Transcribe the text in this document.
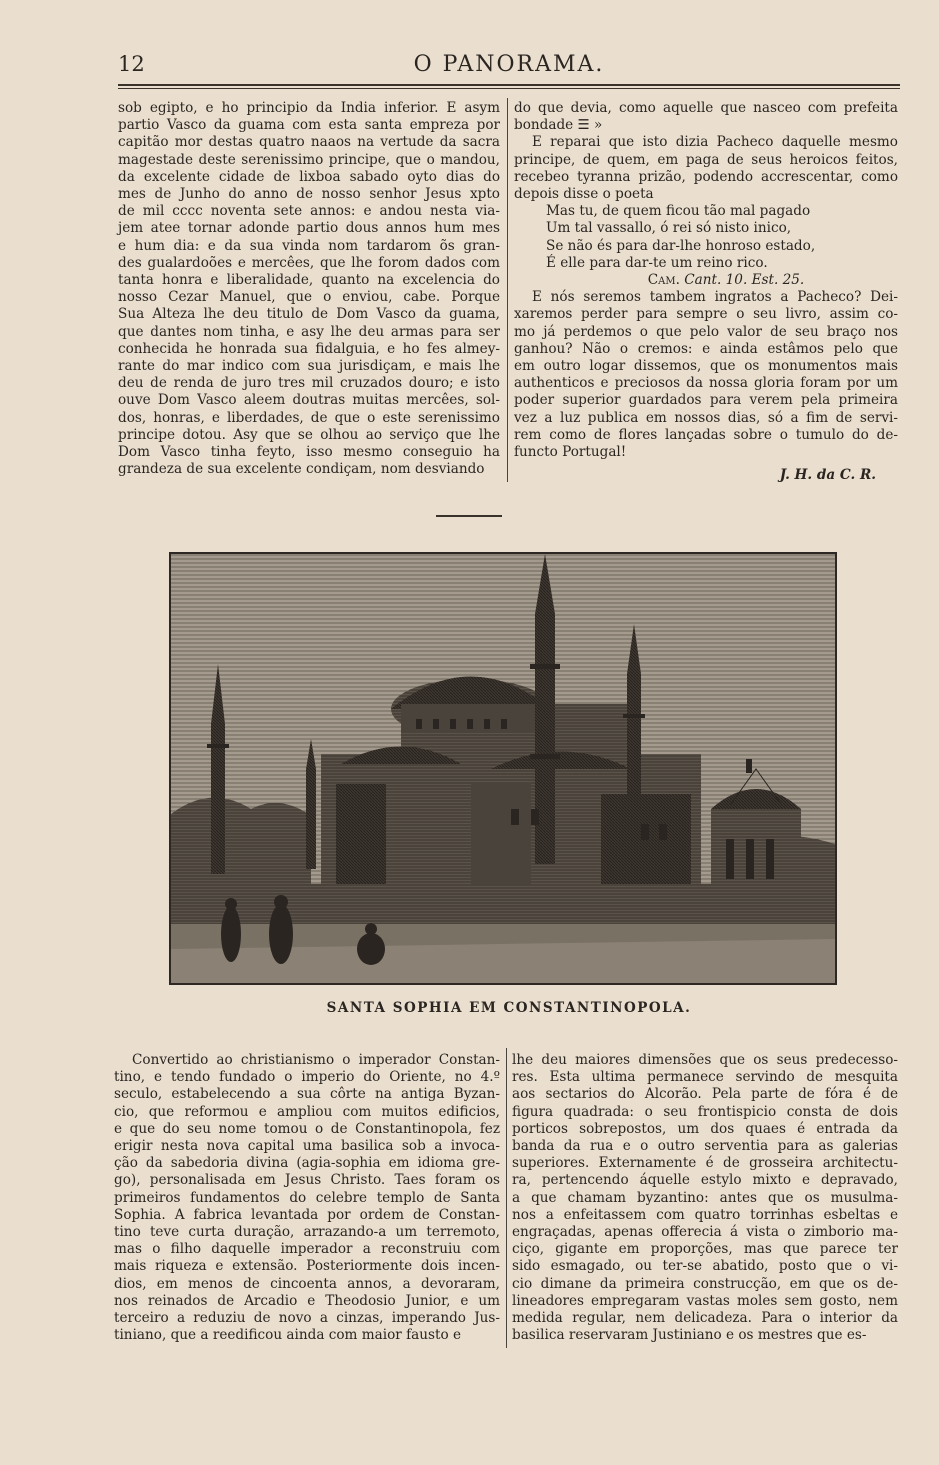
12	O PANORAMA.
sob egipto, e ho principio da India inferior. E asym
partio Vasco da guama com esta santa empreza por
capitão mor destas quatro naaos na vertude da sacra
magestade deste serenissimo principe, que o mandou,
da excelente cidade de lixboa sabado oyto dias do
mes de Junho do anno de nosso senhor Jesus xpto
de mil cccc noventa sete annos: e andou nesta via-
jem atee tornar adonde partio dous annos hum mes
e hum dia: e da sua vinda nom tardarom õs gran-
des gualardoões e mercêes, que lhe forom dados com
tanta honra e liberalidade, quanto na excelencia do
nosso Cezar Manuel, que o enviou, cabe. Porque
Sua Alteza lhe deu titulo de Dom Vasco da guama,
que dantes nom tinha, e asy lhe deu armas para ser
conhecida he honrada sua fidalguia, e ho fes almey-
rante do mar indico com sua jurisdiçam, e mais lhe
deu de renda de juro tres mil cruzados douro; e isto
ouve Dom Vasco aleem doutras muitas mercêes, sol-
dos, honras, e liberdades, de que o este serenissimo
principe dotou. Asy que se olhou ao serviço que lhe
Dom Vasco tinha feyto, isso mesmo conseguio ha
grandeza de sua excelente condiçam, nom desviando
do que devia, como aquelle que nasceo com prefeita
bondade ☰ »
E reparai que isto dizia Pacheco daquelle mesmo
principe, de quem, em paga de seus heroicos feitos,
recebeo tyranna prizão, podendo accrescentar, como
depois disse o poeta
Mas tu, de quem ficou tão mal pagado
Um tal vassallo, ó rei só nisto inico,
Se não és para dar-lhe honroso estado,
É elle para dar-te um reino rico.
Cam. Cant. 10. Est. 25.
E nós seremos tambem ingratos a Pacheco? Dei-
xaremos perder para sempre o seu livro, assim co-
mo já perdemos o que pelo valor de seu braço nos
ganhou? Não o cremos: e ainda estâmos pelo que
em outro logar dissemos, que os monumentos mais
authenticos e preciosos da nossa gloria foram por um
poder superior guardados para verem pela primeira
vez a luz publica em nossos dias, só a fim de servi-
rem como de flores lançadas sobre o tumulo do de-
functo Portugal!
J. H. da C. R.
SANTA SOPHIA EM CONSTANTINOPOLA.
Convertido ao christianismo o imperador Constan-
tino, e tendo fundado o imperio do Oriente, no 4.º
seculo, estabelecendo a sua côrte na antiga Byzan-
cio, que reformou e ampliou com muitos edificios,
e que do seu nome tomou o de Constantinopola, fez
erigir nesta nova capital uma basilica sob a invoca-
ção da sabedoria divina (agia-sophia em idioma gre-
go), personalisada em Jesus Christo. Taes foram os
primeiros fundamentos do celebre templo de Santa
Sophia. A fabrica levantada por ordem de Constan-
tino teve curta duração, arrazando-a um terremoto,
mas o filho daquelle imperador a reconstruiu com
mais riqueza e extensão. Posteriormente dois incen-
dios, em menos de cincoenta annos, a devoraram,
nos reinados de Arcadio e Theodosio Junior, e um
terceiro a reduziu de novo a cinzas, imperando Jus-
tiniano, que a reedificou ainda com maior fausto e
lhe deu maiores dimensões que os seus predecesso-
res. Esta ultima permanece servindo de mesquita
aos sectarios do Alcorão. Pela parte de fóra é de
figura quadrada: o seu frontispicio consta de dois
porticos sobrepostos, um dos quaes é entrada da
banda da rua e o outro serventia para as galerias
superiores. Externamente é de grosseira architectu-
ra, pertencendo áquelle estylo mixto e depravado,
a que chamam byzantino: antes que os musulma-
nos a enfeitassem com quatro torrinhas esbeltas e
engraçadas, apenas offerecia á vista o zimborio ma-
ciço, gigante em proporções, mas que parece ter
sido esmagado, ou ter-se abatido, posto que o vi-
cio dimane da primeira construcção, em que os de-
lineadores empregaram vastas moles sem gosto, nem
medida regular, nem delicadeza. Para o interior da
basilica reservaram Justiniano e os mestres que es-
